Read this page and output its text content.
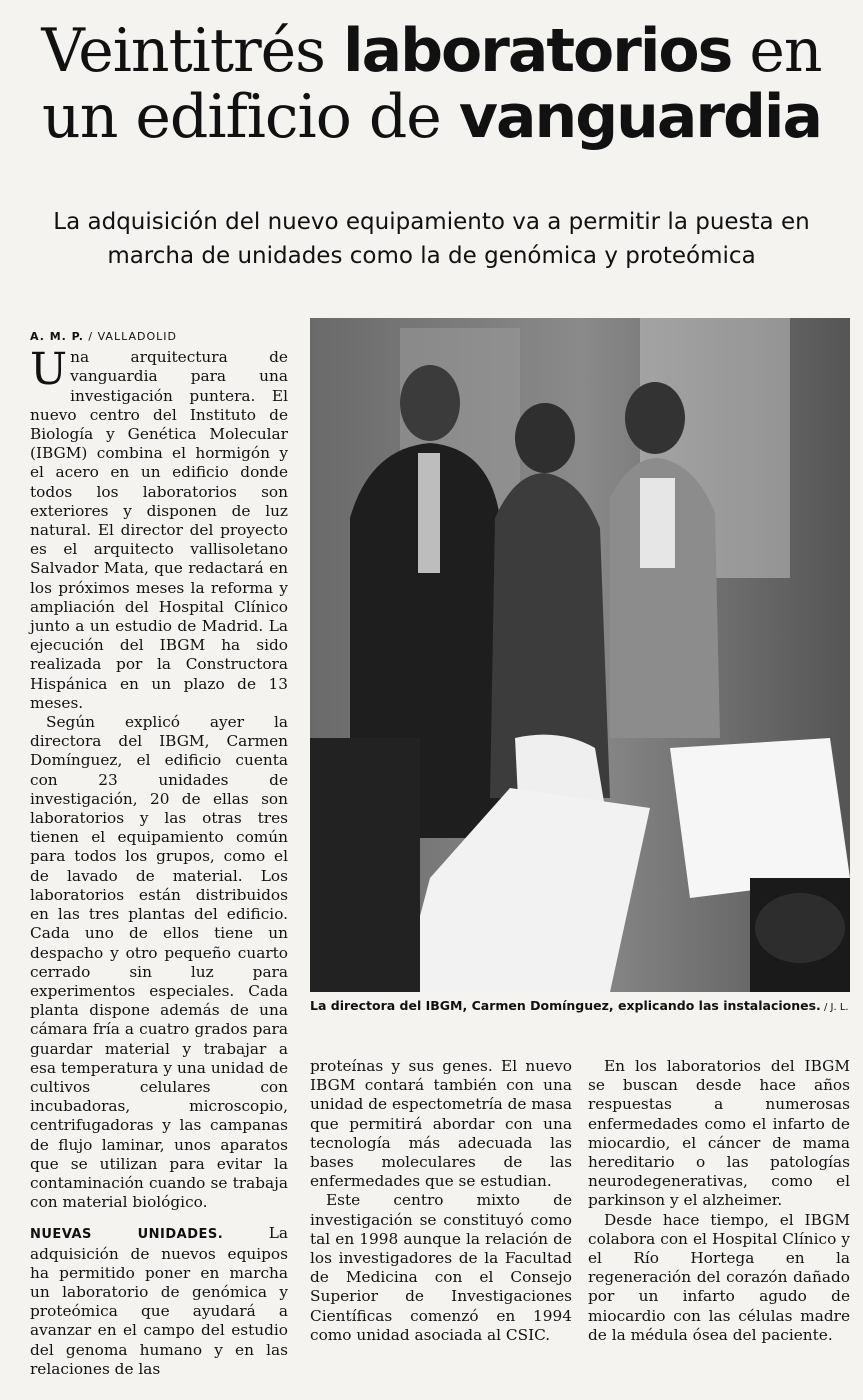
Veintitrés laboratorios en
un edificio de vanguardia
La adquisición del nuevo equipamiento va a permitir la puesta en marcha de unidades como la de genómica y proteómica
A. M. P. / VALLADOLID

Una arquitectura de vanguardia para una investigación puntera. El nuevo centro del Instituto de Biología y Genética Molecular (IBGM) combina el hormigón y el acero en un edificio donde todos los laboratorios son exteriores y disponen de luz natural. El director del proyecto es el arquitecto vallisoletano Salvador Mata, que redactará en los próximos meses la reforma y ampliación del Hospital Clínico junto a un estudio de Madrid. La ejecución del IBGM ha sido realizada por la Constructora Hispánica en un plazo de 13 meses.

Según explicó ayer la directora del IBGM, Carmen Domínguez, el edificio cuenta con 23 unidades de investigación, 20 de ellas son laboratorios y las otras tres tienen el equipamiento común para todos los grupos, como el de lavado de material. Los laboratorios están distribuidos en las tres plantas del edificio. Cada uno de ellos tiene un despacho y otro pequeño cuarto cerrado sin luz para experimentos especiales. Cada planta dispone además de una cámara fría a cuatro grados para guardar material y trabajar a esa temperatura y una unidad de cultivos celulares con incubadoras, microscopio, centrifugadoras y las campanas de flujo laminar, unos aparatos que se utilizan para evitar la contaminación cuando se trabaja con material biológico.

NUEVAS UNIDADES. La adquisición de nuevos equipos ha permitido poner en marcha un laboratorio de genómica y proteómica que ayudará a avanzar en el campo del estudio del genoma humano y en las relaciones de las

La directora del IBGM, Carmen Domínguez, explicando las instalaciones. / J. L.

proteínas y sus genes. El nuevo IBGM contará también con una unidad de espectometría de masa que permitirá abordar con una tecnología más adecuada las bases moleculares de las enfermedades que se estudian.

Este centro mixto de investigación se constituyó como tal en 1998 aunque la relación de los investigadores de la Facultad de Medicina con el Consejo Superior de Investigaciones Científicas comenzó en 1994 como unidad asociada al CSIC.

En los laboratorios del IBGM se buscan desde hace años respuestas a numerosas enfermedades como el infarto de miocardio, el cáncer de mama hereditario o las patologías neurodegenerativas, como el parkinson y el alzheimer.

Desde hace tiempo, el IBGM colabora con el Hospital Clínico y el Río Hortega en la regeneración del corazón dañado por un infarto agudo de miocardio con las células madre de la médula ósea del paciente.
